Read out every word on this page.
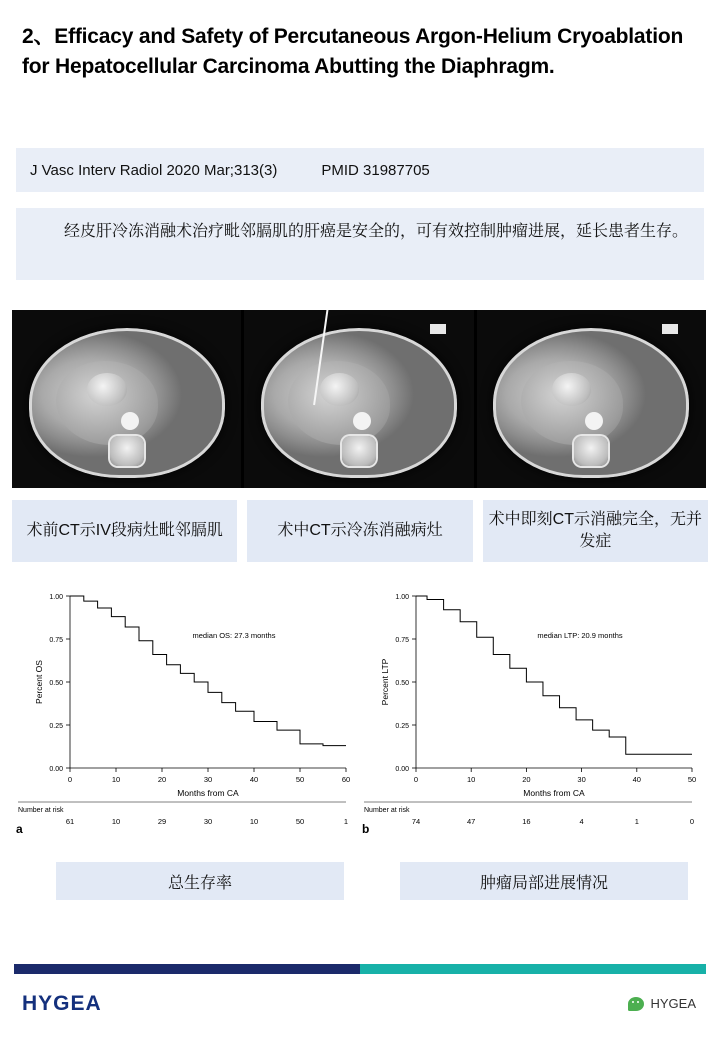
2、Efficacy and Safety of Percutaneous Argon-Helium Cryoablation for Hepatocellular Carcinoma Abutting the Diaphragm.
J Vasc Interv Radiol 2020 Mar;313(3)	PMID 31987705
经皮肝冷冻消融术治疗毗邻膈肌的肝癌是安全的，可有效控制肿瘤进展，延长患者生存。
术前CT示IV段病灶毗邻膈肌	术中CT示冷冻消融病灶
术中即刻CT示消融完全，无并发症
0.00
0.25
0.50
0.75
1.00
0	10	20	30	40	50	60
Months from CA
Percent OS
median OS: 27.3 months
Number at risk
61	10	29	30	10	50	1
a
0.00
0.25
0.50
0.75
1.00
0	10	20	30	40	50
Months from CA
Percent LTP
median LTP: 20.9 months
Number at risk
74	47	16	4	1	0
b
总生存率	肿瘤局部进展情况
HYGEA	HYGEA
